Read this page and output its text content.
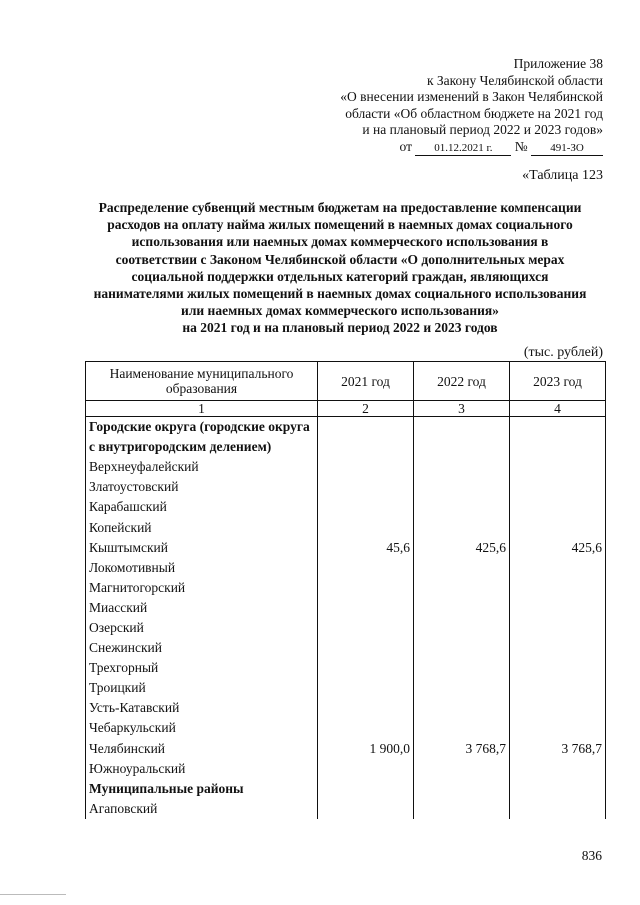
Приложение 38
к Закону Челябинской области
«О внесении изменений в Закон Челябинской
области «Об областном бюджете на 2021 год
и на плановый период 2022 и 2023 годов»
от 01.12.2021 г. № 491-ЗО
«Таблица 123
Распределение субвенций местным бюджетам на предоставление компенсации
расходов на оплату найма жилых помещений в наемных домах социального
использования или наемных домах коммерческого использования в
соответствии с Законом Челябинской области «О дополнительных мерах
социальной поддержки отдельных категорий граждан, являющихся
нанимателями жилых помещений в наемных домах социального использования
или наемных домах коммерческого использования»
на 2021 год и на плановый период 2022 и 2023 годов
(тыс. рублей)
Наименование муниципального образования	2021 год	2022 год	2023 год
1	2	3	4
Городские округа (городские округа с внутригородским делением)			
Верхнеуфалейский			
Златоустовский			
Карабашский			
Копейский			
Кыштымский	45,6	425,6	425,6
Локомотивный			
Магнитогорский			
Миасский			
Озерский			
Снежинский			
Трехгорный			
Троицкий			
Усть-Катавский			
Чебаркульский			
Челябинский	1 900,0	3 768,7	3 768,7
Южноуральский			
Муниципальные районы			
Агаповский			
836
